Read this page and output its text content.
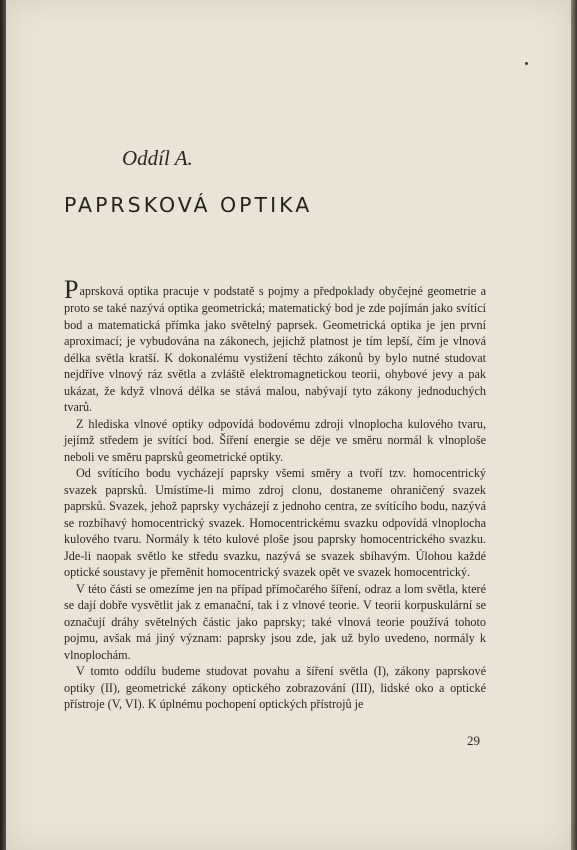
Oddíl A.
PAPRSKOVÁ OPTIKA

Paprsková optika pracuje v podstatě s pojmy a předpoklady obyčejné geometrie a proto se také nazývá optika geometrická; matematický bod je zde pojímán jako svítící bod a matematická přímka jako světelný paprsek. Geometrická optika je jen první aproximací; je vybudována na zákonech, jejichž platnost je tím lepší, čím je vlnová délka světla kratší. K dokonalému vystižení těchto zákonů by bylo nutné studovat nejdříve vlnový ráz světla a zvláště elektromagnetickou teorii, ohybové jevy a pak ukázat, že když vlnová délka se stává malou, nabývají tyto zákony jednoduchých tvarů.

Z hlediska vlnové optiky odpovídá bodovému zdroji vlnoplocha kulového tvaru, jejímž středem je svítící bod. Šíření energie se děje ve směru normál k vlnoploše neboli ve směru paprsků geometrické optiky.

Od svítícího bodu vycházejí paprsky všemi směry a tvoří tzv. homocentrický svazek paprsků. Umístíme-li mimo zdroj clonu, dostaneme ohraničený svazek paprsků. Svazek, jehož paprsky vycházejí z jednoho centra, ze svítícího bodu, nazývá se rozbíhavý homocentrický svazek. Homocentrickému svazku odpovídá vlnoplocha kulového tvaru. Normály k této kulové ploše jsou paprsky homocentrického svazku. Jde-li naopak světlo ke středu svazku, nazývá se svazek sbíhavým. Úlohou každé optické soustavy je přeměnit homocentrický svazek opět ve svazek homocentrický.

V této části se omezíme jen na případ přímočarého šíření, odraz a lom světla, které se dají dobře vysvětlit jak z emanační, tak i z vlnové teorie. V teorii korpuskulární se označují dráhy světelných částic jako paprsky; také vlnová teorie používá tohoto pojmu, avšak má jiný význam: paprsky jsou zde, jak už bylo uvedeno, normály k vlnoplochám.

V tomto oddílu budeme studovat povahu a šíření světla (I), zákony paprskové optiky (II), geometrické zákony optického zobrazování (III), lidské oko a optické přístroje (V, VI). K úplnému pochopení optických přístrojů je

29
